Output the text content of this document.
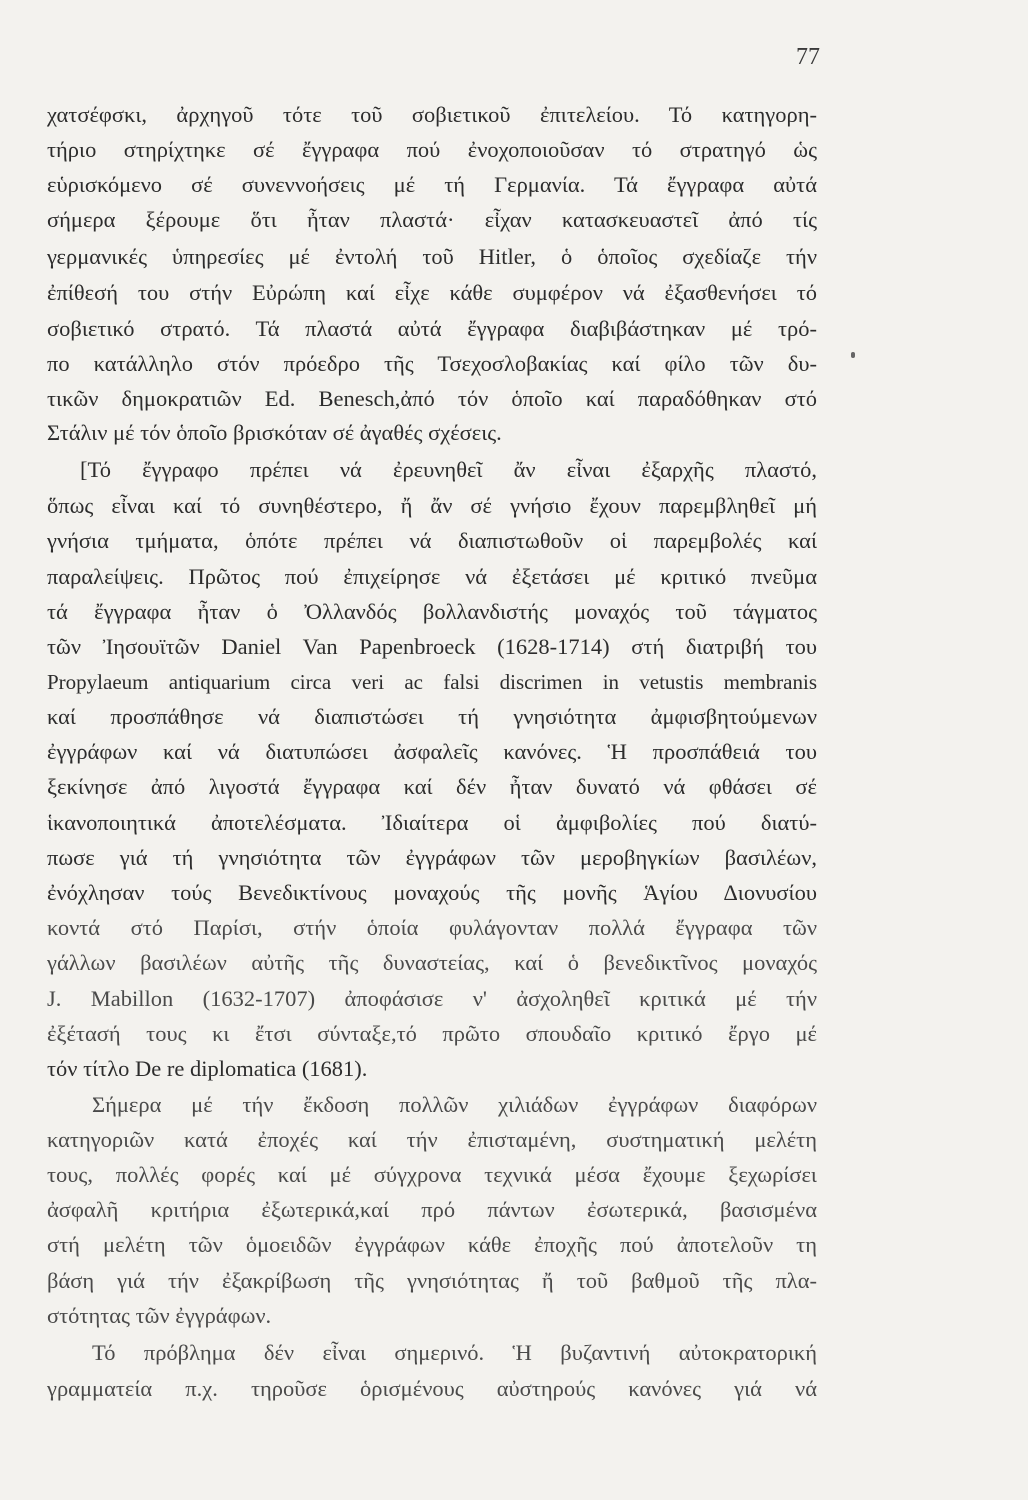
77
χατσέφσκι, ἀρχηγοῦ τότε τοῦ σοβιετικοῦ ἐπιτελείου. Τό κατηγορη-
τήριο στηρίχτηκε σέ ἔγγραφα πού ἐνοχοποιοῦσαν τό στρατηγό ὡς
εὑρισκόμενο σέ συνεννοήσεις μέ τή Γερμανία. Τά ἔγγραφα αὐτά
σήμερα ξέρουμε ὅτι ἦταν πλαστά· εἶχαν κατασκευαστεῖ ἀπό τίς
γερμανικές ὑπηρεσίες μέ ἐντολή τοῦ Hitler, ὁ ὁποῖος σχεδίαζε τήν
ἐπίθεσή του στήν Εὐρώπη καί εἶχε κάθε συμφέρον νά ἐξασθενήσει τό
σοβιετικό στρατό. Τά πλαστά αὐτά ἔγγραφα διαβιβάστηκαν μέ τρό-
πο κατάλληλο στόν πρόεδρο τῆς Τσεχοσλοβακίας καί φίλο τῶν δυ-
τικῶν δημοκρατιῶν Ed. Benesch,ἀπό τόν ὁποῖο καί παραδόθηκαν στό
Στάλιν μέ τόν ὁποῖο βρισκόταν σέ ἀγαθές σχέσεις.
[Τό ἔγγραφο πρέπει νά ἐρευνηθεῖ ἄν εἶναι ἐξαρχῆς πλαστό,
ὅπως εἶναι καί τό συνηθέστερο, ἤ ἄν σέ γνήσιο ἔχουν παρεμβληθεῖ μή
γνήσια τμήματα, ὁπότε πρέπει νά διαπιστωθοῦν οἱ παρεμβολές καί
παραλείψεις. Πρῶτος πού ἐπιχείρησε νά ἐξετάσει μέ κριτικό πνεῦμα
τά ἔγγραφα ἦταν ὁ Ὀλλανδός βολλανδιστής μοναχός τοῦ τάγματος
τῶν Ἰησουϊτῶν Daniel Van Papenbroeck (1628-1714) στή διατριβή του
Propylaeum antiquarium circa veri ac falsi discrimen in vetustis membranis
καί προσπάθησε νά διαπιστώσει τή γνησιότητα ἀμφισβητούμενων
ἐγγράφων καί νά διατυπώσει ἀσφαλεῖς κανόνες. Ἡ προσπάθειά του
ξεκίνησε ἀπό λιγοστά ἔγγραφα καί δέν ἦταν δυνατό νά φθάσει σέ
ἱκανοποιητικά ἀποτελέσματα. Ἰδιαίτερα οἱ ἀμφιβολίες πού διατύ-
πωσε γιά τή γνησιότητα τῶν ἐγγράφων τῶν μεροβηγκίων βασιλέων,
ἐνόχλησαν τούς Βενεδικτίνους μοναχούς τῆς μονῆς Ἁγίου Διονυσίου
κοντά στό Παρίσι, στήν ὁποία φυλάγονταν πολλά ἔγγραφα τῶν
γάλλων βασιλέων αὐτῆς τῆς δυναστείας, καί ὁ βενεδικτῖνος μοναχός
J. Mabillon (1632-1707) ἀποφάσισε ν' ἀσχοληθεῖ κριτικά μέ τήν
ἐξέτασή τους κι ἔτσι σύνταξε,τό πρῶτο σπουδαῖο κριτικό ἔργο μέ
τόν τίτλο De re diplomatica (1681).
Σήμερα μέ τήν ἔκδοση πολλῶν χιλιάδων ἐγγράφων διαφόρων
κατηγοριῶν κατά ἐποχές καί τήν ἐπισταμένη, συστηματική μελέτη
τους, πολλές φορές καί μέ σύγχρονα τεχνικά μέσα ἔχουμε ξεχωρίσει
ἀσφαλῆ κριτήρια ἐξωτερικά,καί πρό πάντων ἐσωτερικά, βασισμένα
στή μελέτη τῶν ὁμοειδῶν ἐγγράφων κάθε ἐποχῆς πού ἀποτελοῦν τη
βάση γιά τήν ἐξακρίβωση τῆς γνησιότητας ἤ τοῦ βαθμοῦ τῆς πλα-
στότητας τῶν ἐγγράφων.
Τό πρόβλημα δέν εἶναι σημερινό. Ἡ βυζαντινή αὐτοκρατορική
γραμματεία π.χ. τηροῦσε ὁρισμένους αὐστηρούς κανόνες γιά νά
